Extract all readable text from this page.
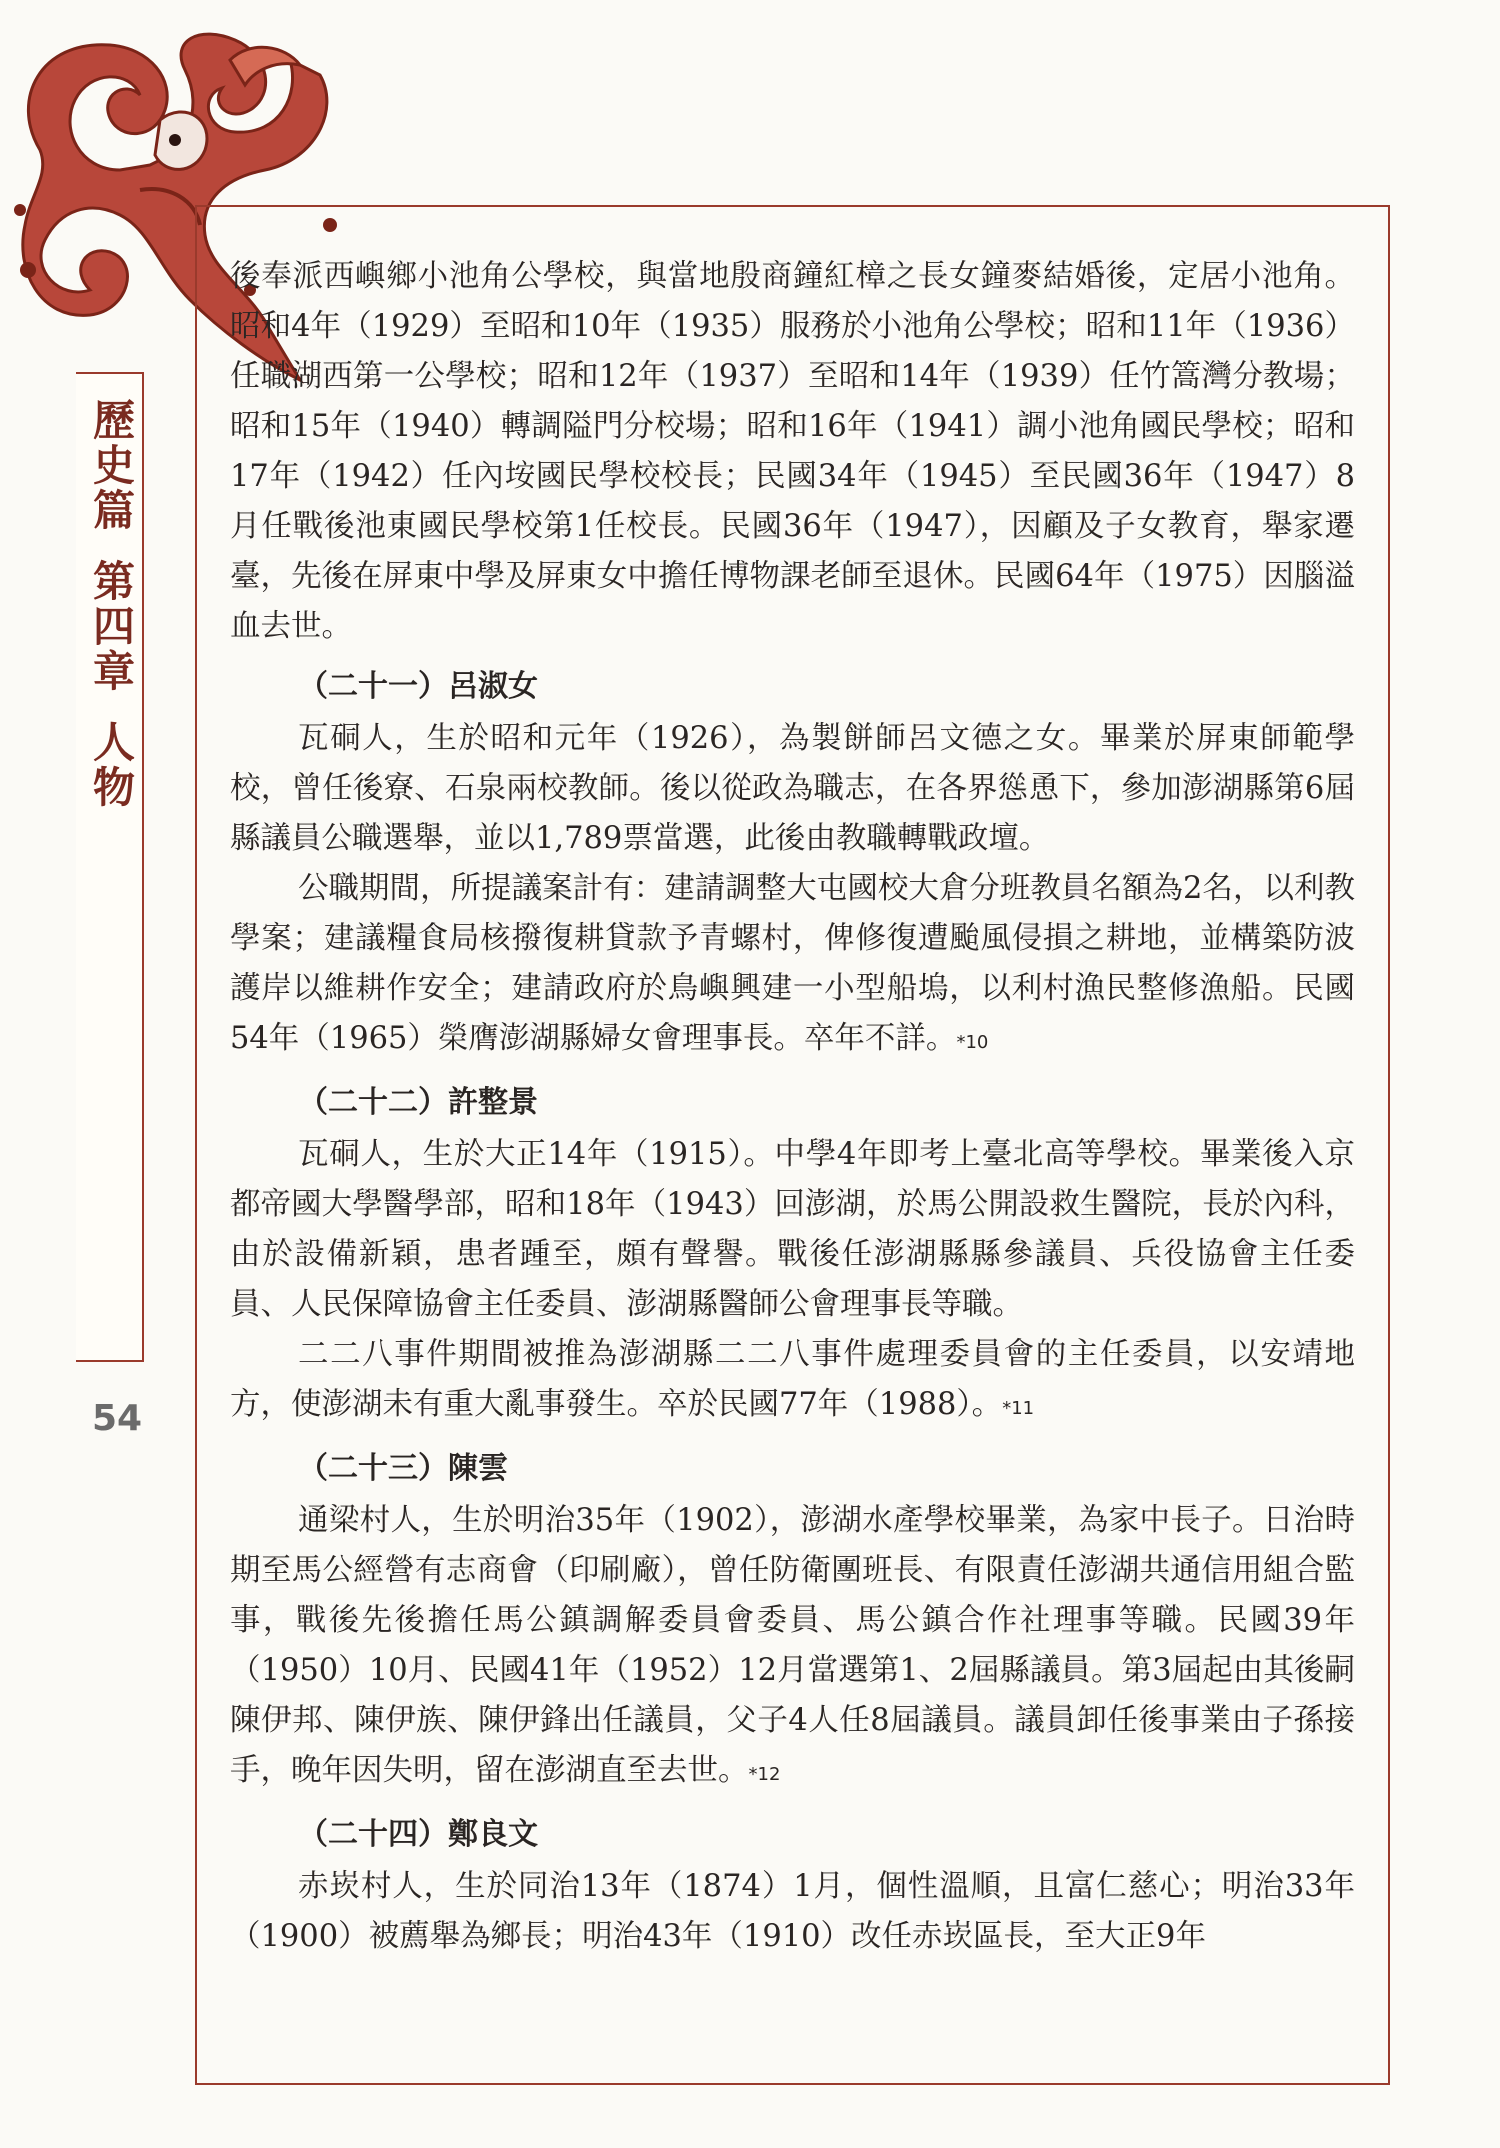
歷史篇第四章人物
54

後奉派西嶼鄉小池角公學校，與當地殷商鐘紅樟之長女鐘麥結婚後，定居小池角。昭和4年（1929）至昭和10年（1935）服務於小池角公學校；昭和11年（1936）任職湖西第一公學校；昭和12年（1937）至昭和14年（1939）任竹篙灣分教場；昭和15年（1940）轉調隘門分校場；昭和16年（1941）調小池角國民學校；昭和17年（1942）任內垵國民學校校長；民國34年（1945）至民國36年（1947）8月任戰後池東國民學校第1任校長。民國36年（1947），因顧及子女教育，舉家遷臺，先後在屏東中學及屏東女中擔任博物課老師至退休。民國64年（1975）因腦溢血去世。

（二十一）呂淑女

瓦硐人，生於昭和元年（1926），為製餅師呂文德之女。畢業於屏東師範學校，曾任後寮、石泉兩校教師。後以從政為職志，在各界慫恿下，參加澎湖縣第6屆縣議員公職選舉，並以1,789票當選，此後由教職轉戰政壇。

公職期間，所提議案計有：建請調整大屯國校大倉分班教員名額為2名，以利教學案；建議糧食局核撥復耕貸款予青螺村，俾修復遭颱風侵損之耕地，並構築防波護岸以維耕作安全；建請政府於鳥嶼興建一小型船塢，以利村漁民整修漁船。民國54年（1965）榮膺澎湖縣婦女會理事長。卒年不詳。*10

（二十二）許整景

瓦硐人，生於大正14年（1915）。中學4年即考上臺北高等學校。畢業後入京都帝國大學醫學部，昭和18年（1943）回澎湖，於馬公開設救生醫院，長於內科，由於設備新穎，患者踵至，頗有聲譽。戰後任澎湖縣縣參議員、兵役協會主任委員、人民保障協會主任委員、澎湖縣醫師公會理事長等職。

二二八事件期間被推為澎湖縣二二八事件處理委員會的主任委員，以安靖地方，使澎湖未有重大亂事發生。卒於民國77年（1988）。*11

（二十三）陳雲

通梁村人，生於明治35年（1902），澎湖水產學校畢業，為家中長子。日治時期至馬公經營有志商會（印刷廠），曾任防衛團班長、有限責任澎湖共通信用組合監事，戰後先後擔任馬公鎮調解委員會委員、馬公鎮合作社理事等職。民國39年（1950）10月、民國41年（1952）12月當選第1、2屆縣議員。第3屆起由其後嗣陳伊邦、陳伊族、陳伊鋒出任議員，父子4人任8屆議員。議員卸任後事業由子孫接手，晚年因失明，留在澎湖直至去世。*12

（二十四）鄭良文

赤崁村人，生於同治13年（1874）1月，個性溫順，且富仁慈心；明治33年（1900）被薦舉為鄉長；明治43年（1910）改任赤崁區長，至大正9年
